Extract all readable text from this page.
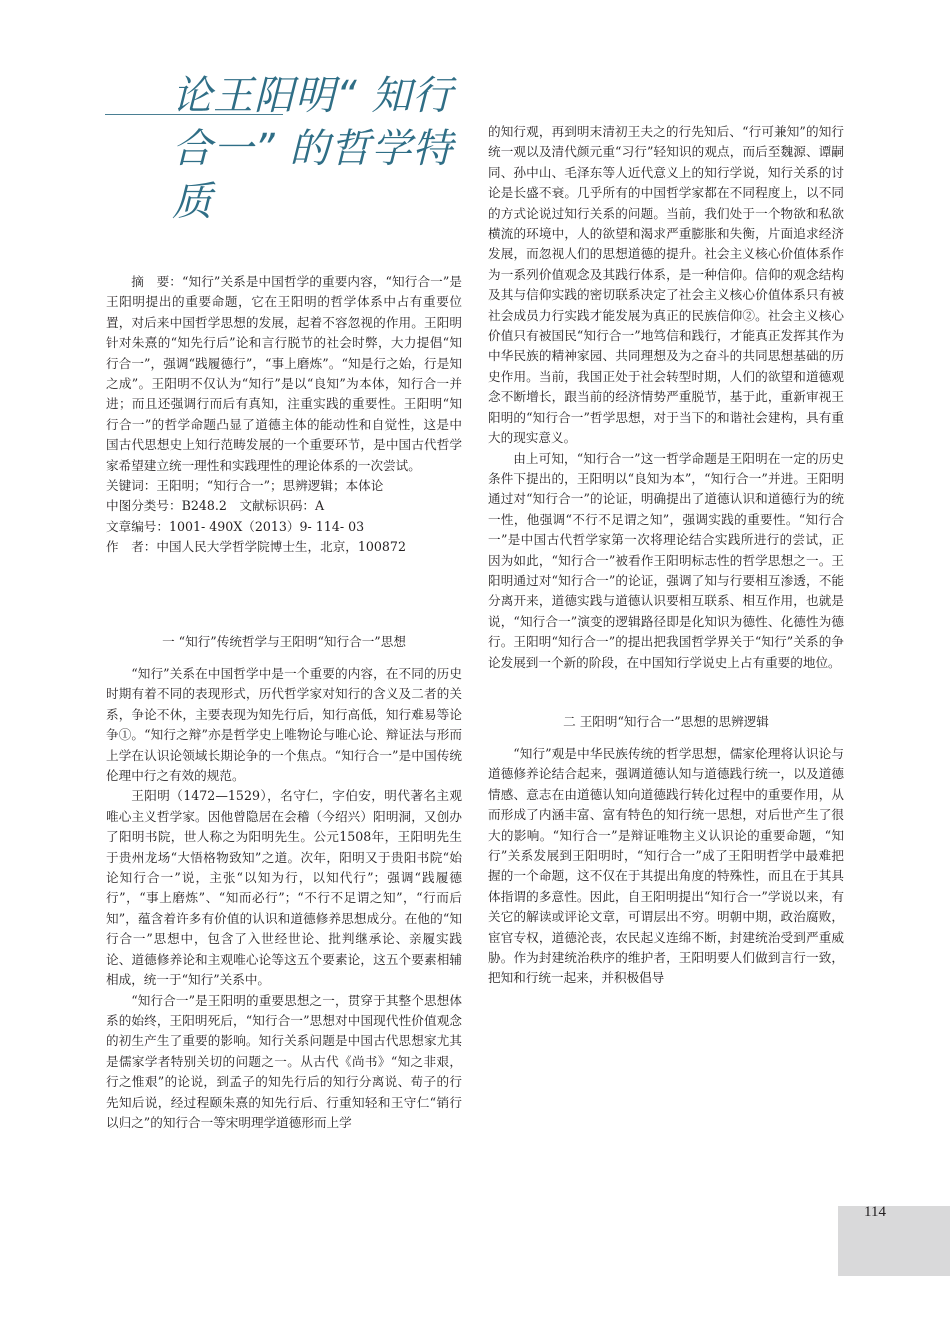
论王阳明“ 知行合一” 的哲学特质

摘　要：“知行”关系是中国哲学的重要内容，“知行合一”是王阳明提出的重要命题，它在王阳明的哲学体系中占有重要位置，对后来中国哲学思想的发展，起着不容忽视的作用。王阳明针对朱熹的“知先行后”论和言行脱节的社会时弊，大力提倡“知行合一”，强调“践履德行”，“事上磨炼”。“知是行之始，行是知之成”。王阳明不仅认为“知行”是以“良知”为本体，知行合一并进；而且还强调行而后有真知，注重实践的重要性。王阳明“知行合一”的哲学命题凸显了道德主体的能动性和自觉性，这是中国古代思想史上知行范畴发展的一个重要环节，是中国古代哲学家希望建立统一理性和实践理性的理论体系的一次尝试。

关键词：王阳明；“知行合一”；思辨逻辑；本体论

中图分类号：B248.2　文献标识码：A

文章编号：1001- 490X（2013）9- 114- 03

作　者：中国人民大学哲学院博士生，北京，100872

一 “知行”传统哲学与王阳明“知行合一”思想

“知行”关系在中国哲学中是一个重要的内容，在不同的历史时期有着不同的表现形式，历代哲学家对知行的含义及二者的关系，争论不休，主要表现为知先行后，知行高低，知行难易等论争①。“知行之辩”亦是哲学史上唯物论与唯心论、辩证法与形而上学在认识论领域长期论争的一个焦点。“知行合一”是中国传统伦理中行之有效的规范。

王阳明（1472—1529），名守仁，字伯安，明代著名主观唯心主义哲学家。因他曾隐居在会稽（今绍兴）阳明洞，又创办了阳明书院，世人称之为阳明先生。公元1508年，王阳明先生于贵州龙场“大悟格物致知”之道。次年，阳明又于贵阳书院“始论知行合一”说，主张“以知为行，以知代行”；强调“践履德行”，“事上磨炼”、“知而必行”；“不行不足谓之知”，“行而后知”，蕴含着许多有价值的认识和道德修养思想成分。在他的“知行合一”思想中，包含了入世经世论、批判继承论、亲履实践论、道德修养论和主观唯心论等这五个要素论，这五个要素相辅相成，统一于“知行”关系中。

“知行合一”是王阳明的重要思想之一，贯穿于其整个思想体系的始终，王阳明死后，“知行合一”思想对中国现代性价值观念的初生产生了重要的影响。知行关系问题是中国古代思想家尤其是儒家学者特别关切的问题之一。从古代《尚书》“知之非艰，行之惟艰”的论说，到孟子的知先行后的知行分离说、荀子的行先知后说，经过程颐朱熹的知先行后、行重知轻和王守仁“销行以归之”的知行合一等宋明理学道德形而上学

的知行观，再到明末清初王夫之的行先知后、“行可兼知”的知行统一观以及清代颜元重“习行”轻知识的观点，而后至魏源、谭嗣同、孙中山、毛泽东等人近代意义上的知行学说，知行关系的讨论是长盛不衰。几乎所有的中国哲学家都在不同程度上，以不同的方式论说过知行关系的问题。当前，我们处于一个物欲和私欲横流的环境中，人的欲望和渴求严重膨胀和失衡，片面追求经济发展，而忽视人们的思想道德的提升。社会主义核心价值体系作为一系列价值观念及其践行体系，是一种信仰。信仰的观念结构及其与信仰实践的密切联系决定了社会主义核心价值体系只有被社会成员力行实践才能发展为真正的民族信仰②。社会主义核心价值只有被国民“知行合一”地笃信和践行，才能真正发挥其作为中华民族的精神家园、共同理想及为之奋斗的共同思想基础的历史作用。当前，我国正处于社会转型时期，人们的欲望和道德观念不断增长，跟当前的经济情势严重脱节，基于此，重新审视王阳明的“知行合一”哲学思想，对于当下的和谐社会建构，具有重大的现实意义。

由上可知，“知行合一”这一哲学命题是王阳明在一定的历史条件下提出的，王阳明以“良知为本”，“知行合一”并进。王阳明通过对“知行合一”的论证，明确提出了道德认识和道德行为的统一性，他强调“不行不足谓之知”，强调实践的重要性。“知行合一”是中国古代哲学家第一次将理论结合实践所进行的尝试，正因为如此，“知行合一”被看作王阳明标志性的哲学思想之一。王阳明通过对“知行合一”的论证，强调了知与行要相互渗透，不能分离开来，道德实践与道德认识要相互联系、相互作用，也就是说，“知行合一”演变的逻辑路径即是化知识为德性、化德性为德行。王阳明“知行合一”的提出把我国哲学界关于“知行”关系的争论发展到一个新的阶段，在中国知行学说史上占有重要的地位。

二 王阳明“知行合一”思想的思辨逻辑

“知行”观是中华民族传统的哲学思想，儒家伦理将认识论与道德修养论结合起来，强调道德认知与道德践行统一，以及道德情感、意志在由道德认知向道德践行转化过程中的重要作用，从而形成了内涵丰富、富有特色的知行统一思想，对后世产生了很大的影响。“知行合一”是辩证唯物主义认识论的重要命题，“知行”关系发展到王阳明时，“知行合一”成了王阳明哲学中最难把握的一个命题，这不仅在于其提出角度的特殊性，而且在于其具体指谓的多意性。因此，自王阳明提出“知行合一”学说以来，有关它的解读或评论文章，可谓层出不穷。明朝中期，政治腐败，宦官专权，道德沦丧，农民起义连绵不断，封建统治受到严重威胁。作为封建统治秩序的维护者，王阳明要人们做到言行一致，把知和行统一起来，并积极倡导

114
